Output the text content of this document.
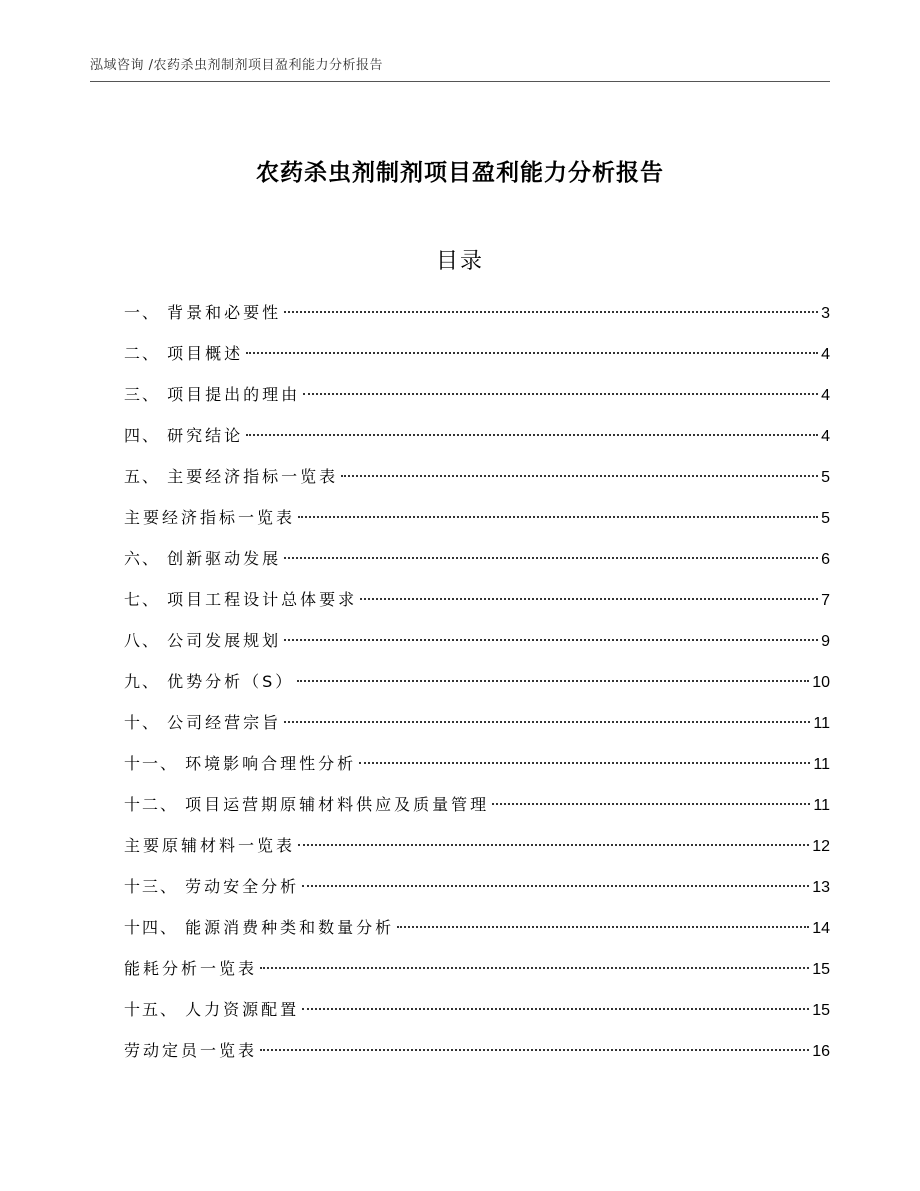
泓域咨询 /农药杀虫剂制剂项目盈利能力分析报告
农药杀虫剂制剂项目盈利能力分析报告
目录
一、 背景和必要性	3
二、 项目概述	4
三、 项目提出的理由	4
四、 研究结论	4
五、 主要经济指标一览表	5
主要经济指标一览表	5
六、 创新驱动发展	6
七、 项目工程设计总体要求	7
八、 公司发展规划	9
九、 优势分析（S）	10
十、 公司经营宗旨	11
十一、 环境影响合理性分析	11
十二、 项目运营期原辅材料供应及质量管理	11
主要原辅材料一览表	12
十三、 劳动安全分析	13
十四、 能源消费种类和数量分析	14
能耗分析一览表	15
十五、 人力资源配置	15
劳动定员一览表	16
